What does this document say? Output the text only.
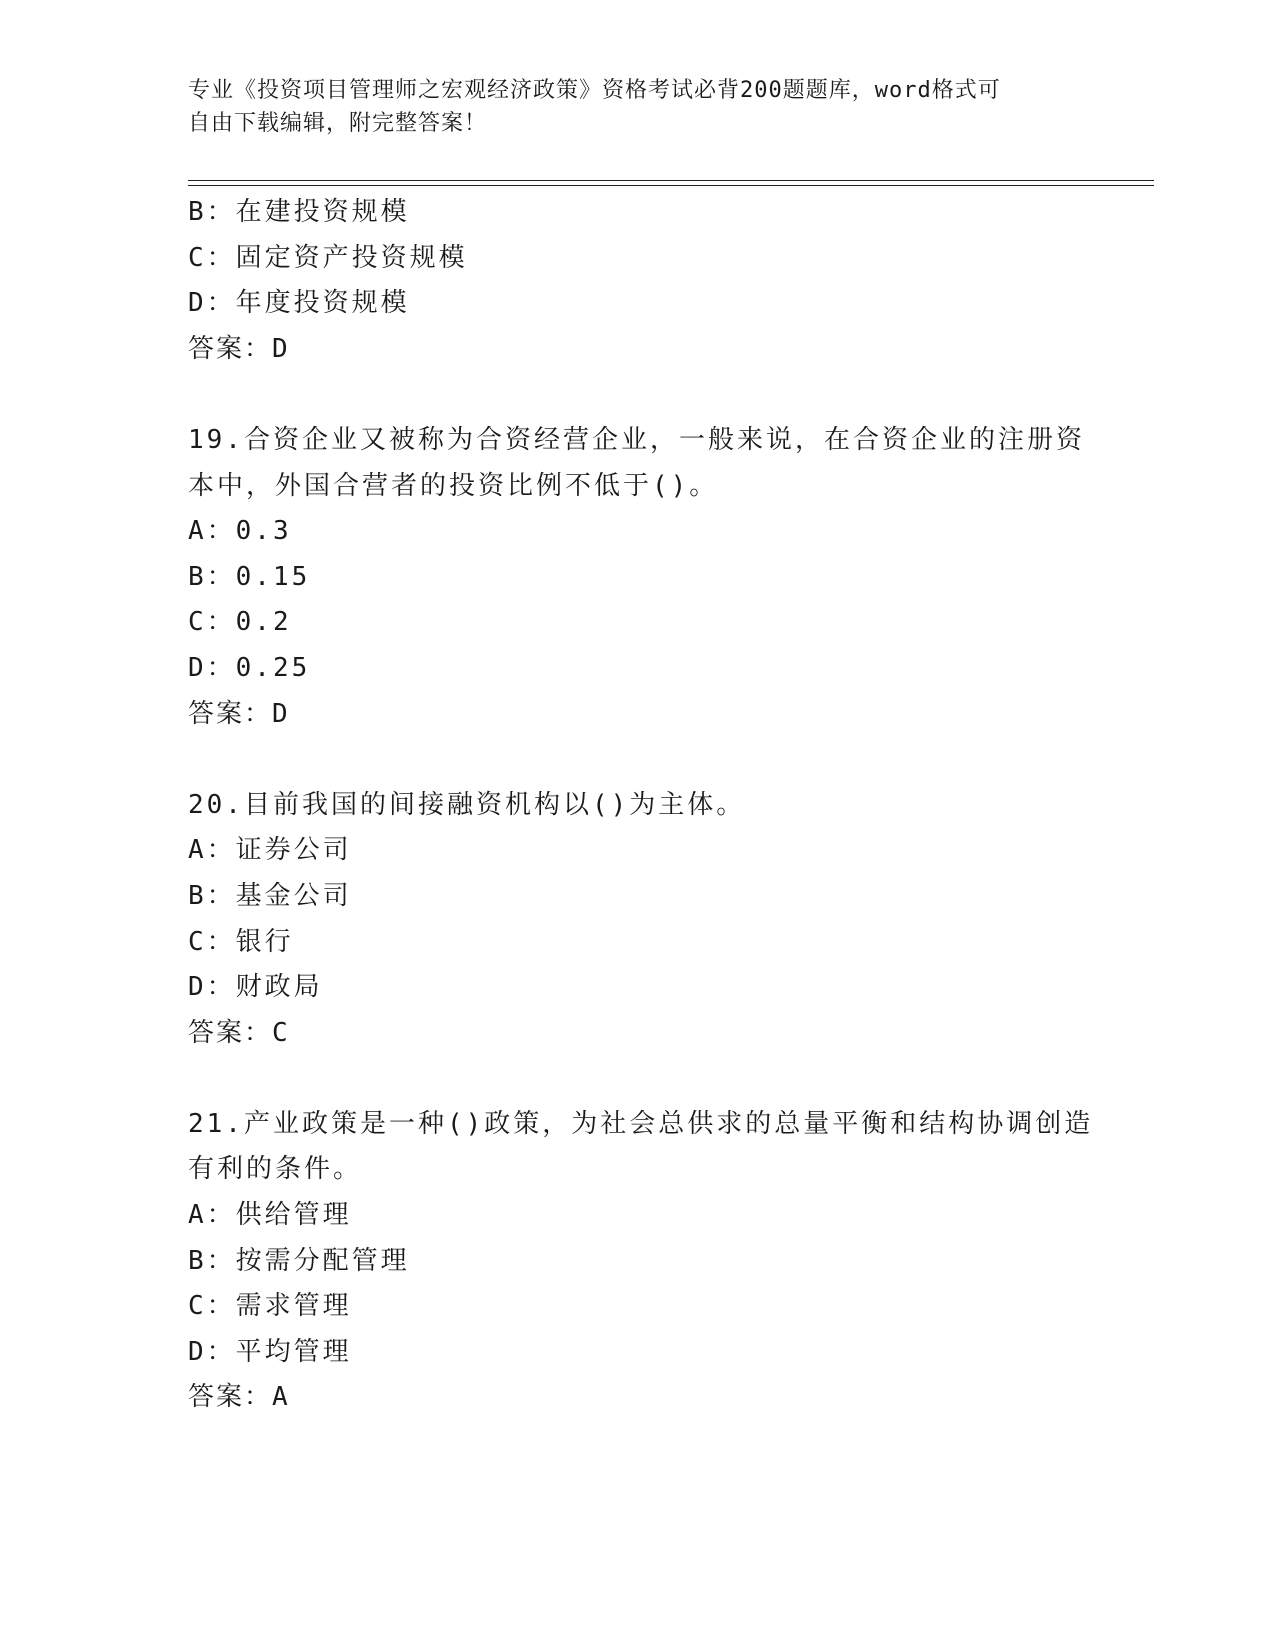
专业《投资项目管理师之宏观经济政策》资格考试必背200题题库，word格式可
自由下载编辑，附完整答案！
B：在建投资规模
C：固定资产投资规模
D：年度投资规模
答案：D
19.合资企业又被称为合资经营企业，一般来说，在合资企业的注册资
本中，外国合营者的投资比例不低于()。
A：0.3
B：0.15
C：0.2
D：0.25
答案：D
20.目前我国的间接融资机构以()为主体。
A：证券公司
B：基金公司
C：银行
D：财政局
答案：C
21.产业政策是一种()政策，为社会总供求的总量平衡和结构协调创造
有利的条件。
A：供给管理
B：按需分配管理
C：需求管理
D：平均管理
答案：A
